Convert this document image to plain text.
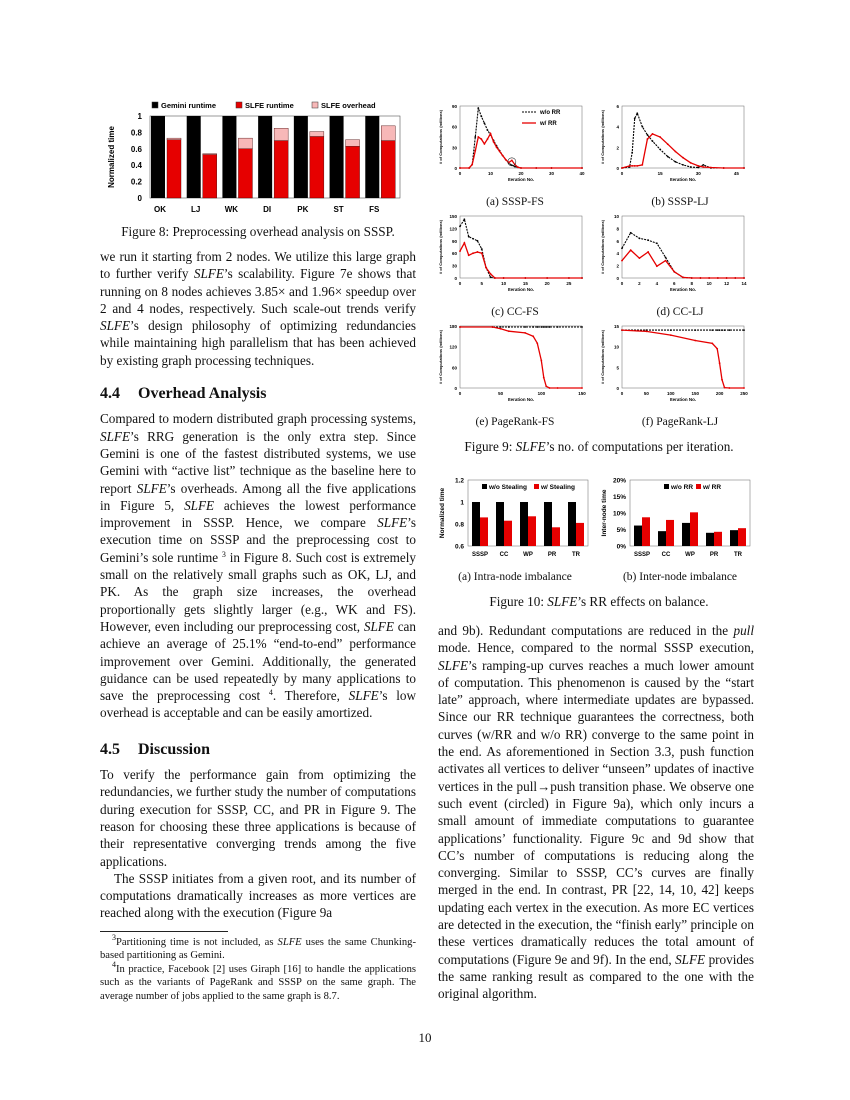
Gemini runtime	SLFE runtime	SLFE overhead
0
0.2
0.4
0.6
0.8
1
Normalized time
OK	LJ	WK	DI	PK	ST	FS
Figure 8: Preprocessing overhead analysis on SSSP.

we run it starting from 2 nodes. We utilize this large graph to further verify SLFE’s scalability. Figure 7e shows that running on 8 nodes achieves 3.85× and 1.96× speedup over 2 and 4 nodes, respectively. Such scale-out trends verify SLFE’s design philosophy of optimizing redundancies while maintaining high parallelism that has been achieved by existing graph processing techniques.

4.4 Overhead Analysis

Compared to modern distributed graph processing systems, SLFE’s RRG generation is the only extra step. Since Gemini is one of the fastest distributed systems, we use Gemini with “active list” technique as the baseline here to report SLFE’s overheads. Among all the five applications in Figure 5, SLFE achieves the lowest performance improvement in SSSP. Hence, we compare SLFE’s execution time on SSSP and the preprocessing cost to Gemini’s sole runtime $^3$ in Figure 8. Such cost is extremely small on the relatively small graphs such as OK, LJ, and PK. As the graph size increases, the overhead proportionally gets slightly larger (e.g., WK and FS). However, even including our preprocessing cost, SLFE can achieve an average of 25.1% “end-to-end” performance improvement over Gemini. Additionally, the generated guidance can be used repeatedly by many applications to save the preprocessing cost $^4$. Therefore, SLFE’s low overhead is acceptable and can be easily amortized.

4.5 Discussion

To verify the performance gain from optimizing the redundancies, we further study the number of computations during execution for SSSP, CC, and PR in Figure 9. The reason for choosing these three applications is because of their representative converging trends among the five applications.

The SSSP initiates from a given root, and its number of computations dramatically increases as more vertices are reached along with the execution (Figure 9a

$^3$Partitioning time is not included, as SLFE uses the same Chunking-based partitioning as Gemini.

$^4$In practice, Facebook [2] uses Giraph [16] to handle the applications such as the variants of PageRank and SSSP on the same graph. The average number of jobs applied to the same graph is 8.7.

0
30
60
90
0	10	20	30	40
Iteration No.
# of Computations (millions)	w/o RR
w/ RR
0
2
4
6
0	15	30	45
Iteration No.
# of Computations (millions)
0
30
60
90
120
150
0	5	10	15	20	25
Iteration No.
# of Computations (millions)
0
2
4
6
8
10
0	2	4	6	8	10	12	14
Iteration No.
# of Computations (millions)
0
60
120
180
0	50	100	150
Iteration No.
# of Computations (millions)
0
5
10
15
0	50	100	150	200	250
Iteration No.
# of Computations (millions)
(a) SSSP-FS	(b) SSSP-LJ
(c) CC-FS	(d) CC-LJ
(e) PageRank-FS	(f) PageRank-LJ
Figure 9: SLFE’s no. of computations per iteration.
0.6
0.8
1
1.2
Normalized time
w/o Stealing w/ Stealing
SSSP CC WP PR	TR
0%
5%
10%
15%
20%
Inter-node time
w/o RR w/ RR
SSSP CC WP PR	TR
(a) Intra-node imbalance	(b) Inter-node imbalance
Figure 10: SLFE’s RR effects on balance.

and 9b). Redundant computations are reduced in the pull mode. Hence, compared to the normal SSSP execution, SLFE’s ramping-up curves reaches a much lower amount of computation. This phenomenon is caused by the “start late” approach, where intermediate updates are bypassed. Since our RR technique guarantees the correctness, both curves (w/RR and w/o RR) converge to the same point in the end. As aforementioned in Section 3.3, push function activates all vertices to deliver “unseen” updates of inactive vertices in the pull→push transition phase. We observe one such event (circled) in Figure 9a), which only incurs a small amount of immediate computations to guarantee applications’ functionality. Figure 9c and 9d show that CC’s number of computations is reducing along the converging. Similar to SSSP, CC’s curves are finally merged in the end. In contrast, PR [22, 14, 10, 42] keeps updating each vertex in the execution. As more EC vertices are detected in the execution, the “finish early” principle on these vertices dramatically reduces the total amount of computations (Figure 9e and 9f). In the end, SLFE provides the same ranking result as compared to the one with the original algorithm.

10
